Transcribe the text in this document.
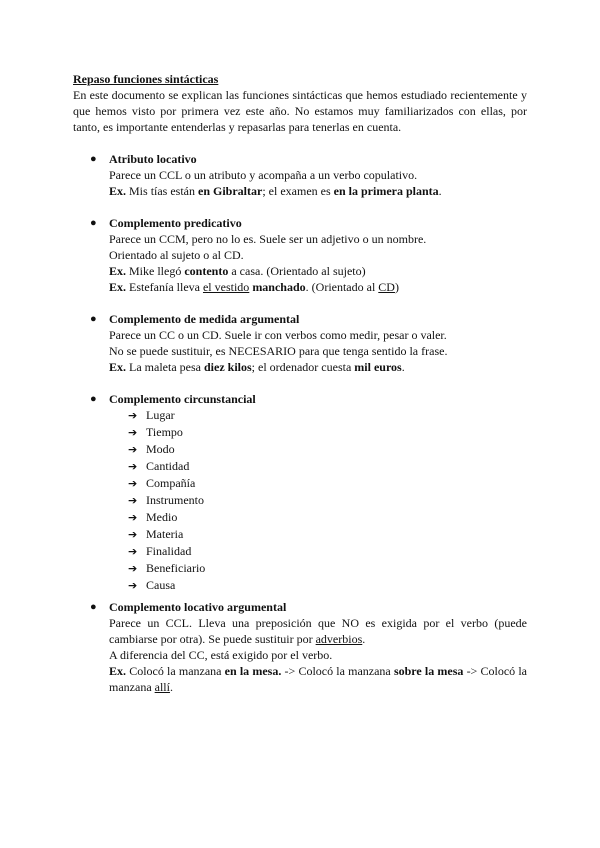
Repaso funciones sintácticas
En este documento se explican las funciones sintácticas que hemos estudiado recientemente y que hemos visto por primera vez este año. No estamos muy familiarizados con ellas, por tanto, es importante entenderlas y repasarlas para tenerlas en cuenta.
● Atributo locativo
Parece un CCL o un atributo y acompaña a un verbo copulativo.
Ex. Mis tías están en Gibraltar; el examen es en la primera planta.
● Complemento predicativo
Parece un CCM, pero no lo es. Suele ser un adjetivo o un nombre.
Orientado al sujeto o al CD.
Ex. Mike llegó contento a casa. (Orientado al sujeto)
Ex. Estefanía lleva el vestido manchado. (Orientado al CD)
● Complemento de medida argumental
Parece un CC o un CD. Suele ir con verbos como medir, pesar o valer.
No se puede sustituir, es NECESARIO para que tenga sentido la frase.
Ex. La maleta pesa diez kilos; el ordenador cuesta mil euros.
● Complemento circunstancial
➔ Lugar
➔ Tiempo
➔ Modo
➔ Cantidad
➔ Compañía
➔ Instrumento
➔ Medio
➔ Materia
➔ Finalidad
➔ Beneficiario
➔ Causa
● Complemento locativo argumental
Parece un CCL. Lleva una preposición que NO es exigida por el verbo (puede cambiarse por otra). Se puede sustituir por adverbios.
A diferencia del CC, está exigido por el verbo.
Ex. Colocó la manzana en la mesa. -> Colocó la manzana sobre la mesa -> Colocó la manzana allí.
